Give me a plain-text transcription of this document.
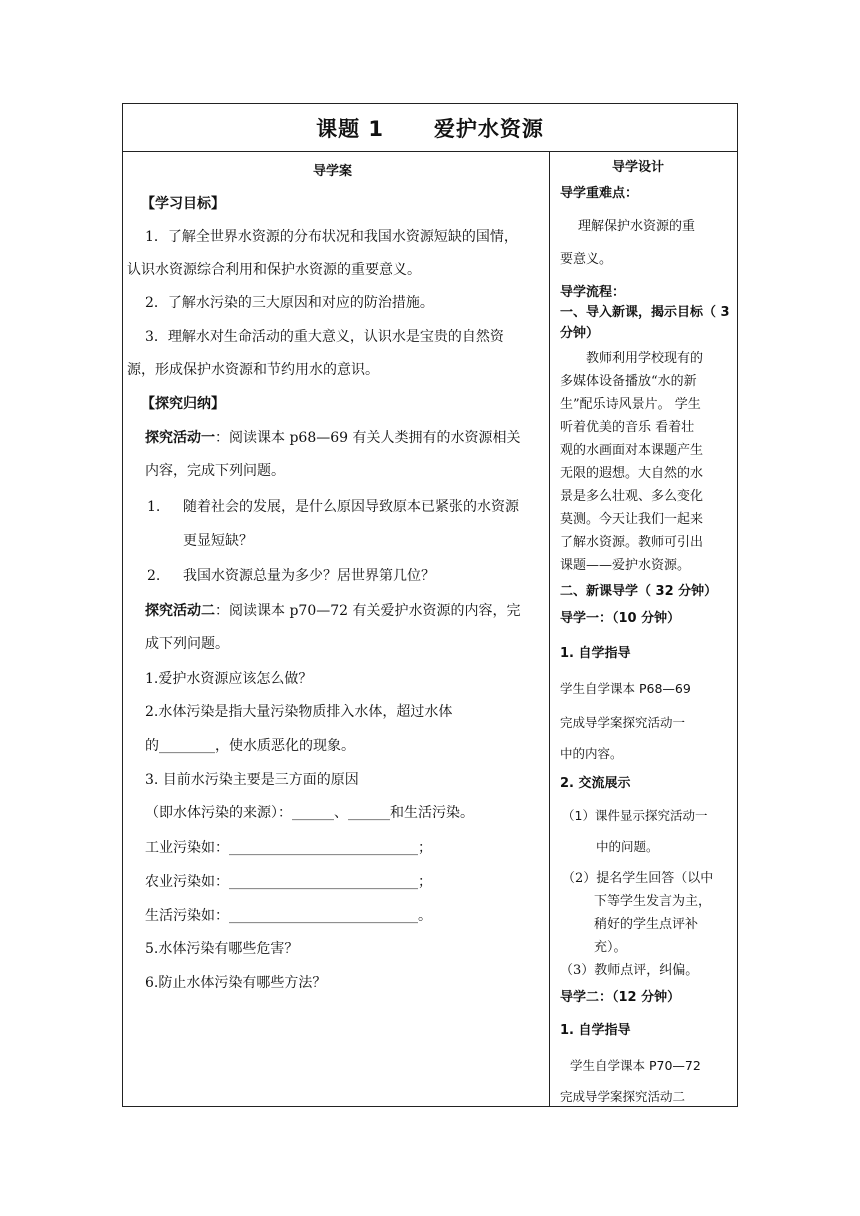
课题 1      爱护水资源
导学案
【学习目标】
1．了解全世界水资源的分布状况和我国水资源短缺的国情，
认识水资源综合利用和保护水资源的重要意义。
2．了解水污染的三大原因和对应的防治措施。
3．理解水对生命活动的重大意义，认识水是宝贵的自然资
源，形成保护水资源和节约用水的意识。
【探究归纳】
探究活动一：阅读课本 p68—69 有关人类拥有的水资源相关
内容，完成下列问题。
1. 随着社会的发展，是什么原因导致原本已紧张的水资源
更显短缺？
2. 我国水资源总量为多少？居世界第几位？
探究活动二：阅读课本 p70—72 有关爱护水资源的内容，完
成下列问题。
1.爱护水资源应该怎么做？
2.水体污染是指大量污染物质排入水体，超过水体
的________，使水质恶化的现象。
3. 目前水污染主要是三方面的原因
（即水体污染的来源）：______、______和生活污染。
工业污染如：___________________________；
农业污染如：___________________________；
生活污染如：___________________________。
5.水体污染有哪些危害？
6.防止水体污染有哪些方法？
导学设计
导学重难点：
理解保护水资源的重
要意义。
导学流程：
一、导入新课，揭示目标（ 3
分钟）
教师利用学校现有的
多媒体设备播放“水的新
生”配乐诗风景片。 学生
听着优美的音乐 看着壮
观的水画面对本课题产生
无限的遐想。大自然的水
景是多么壮观、多么变化
莫测。今天让我们一起来
了解水资源。教师可引出
课题——爱护水资源。
二、新课导学（ 32 分钟）
导学一：（10 分钟）
1. 自学指导
学生自学课本 P68—69
完成导学案探究活动一
中的内容。
2. 交流展示
（1）课件显示探究活动一
中的问题。
（2）提名学生回答（以中
下等学生发言为主，
稍好的学生点评补
充）。
（3）教师点评，纠偏。
导学二：（12 分钟）
1. 自学指导
学生自学课本 P70—72
完成导学案探究活动二
